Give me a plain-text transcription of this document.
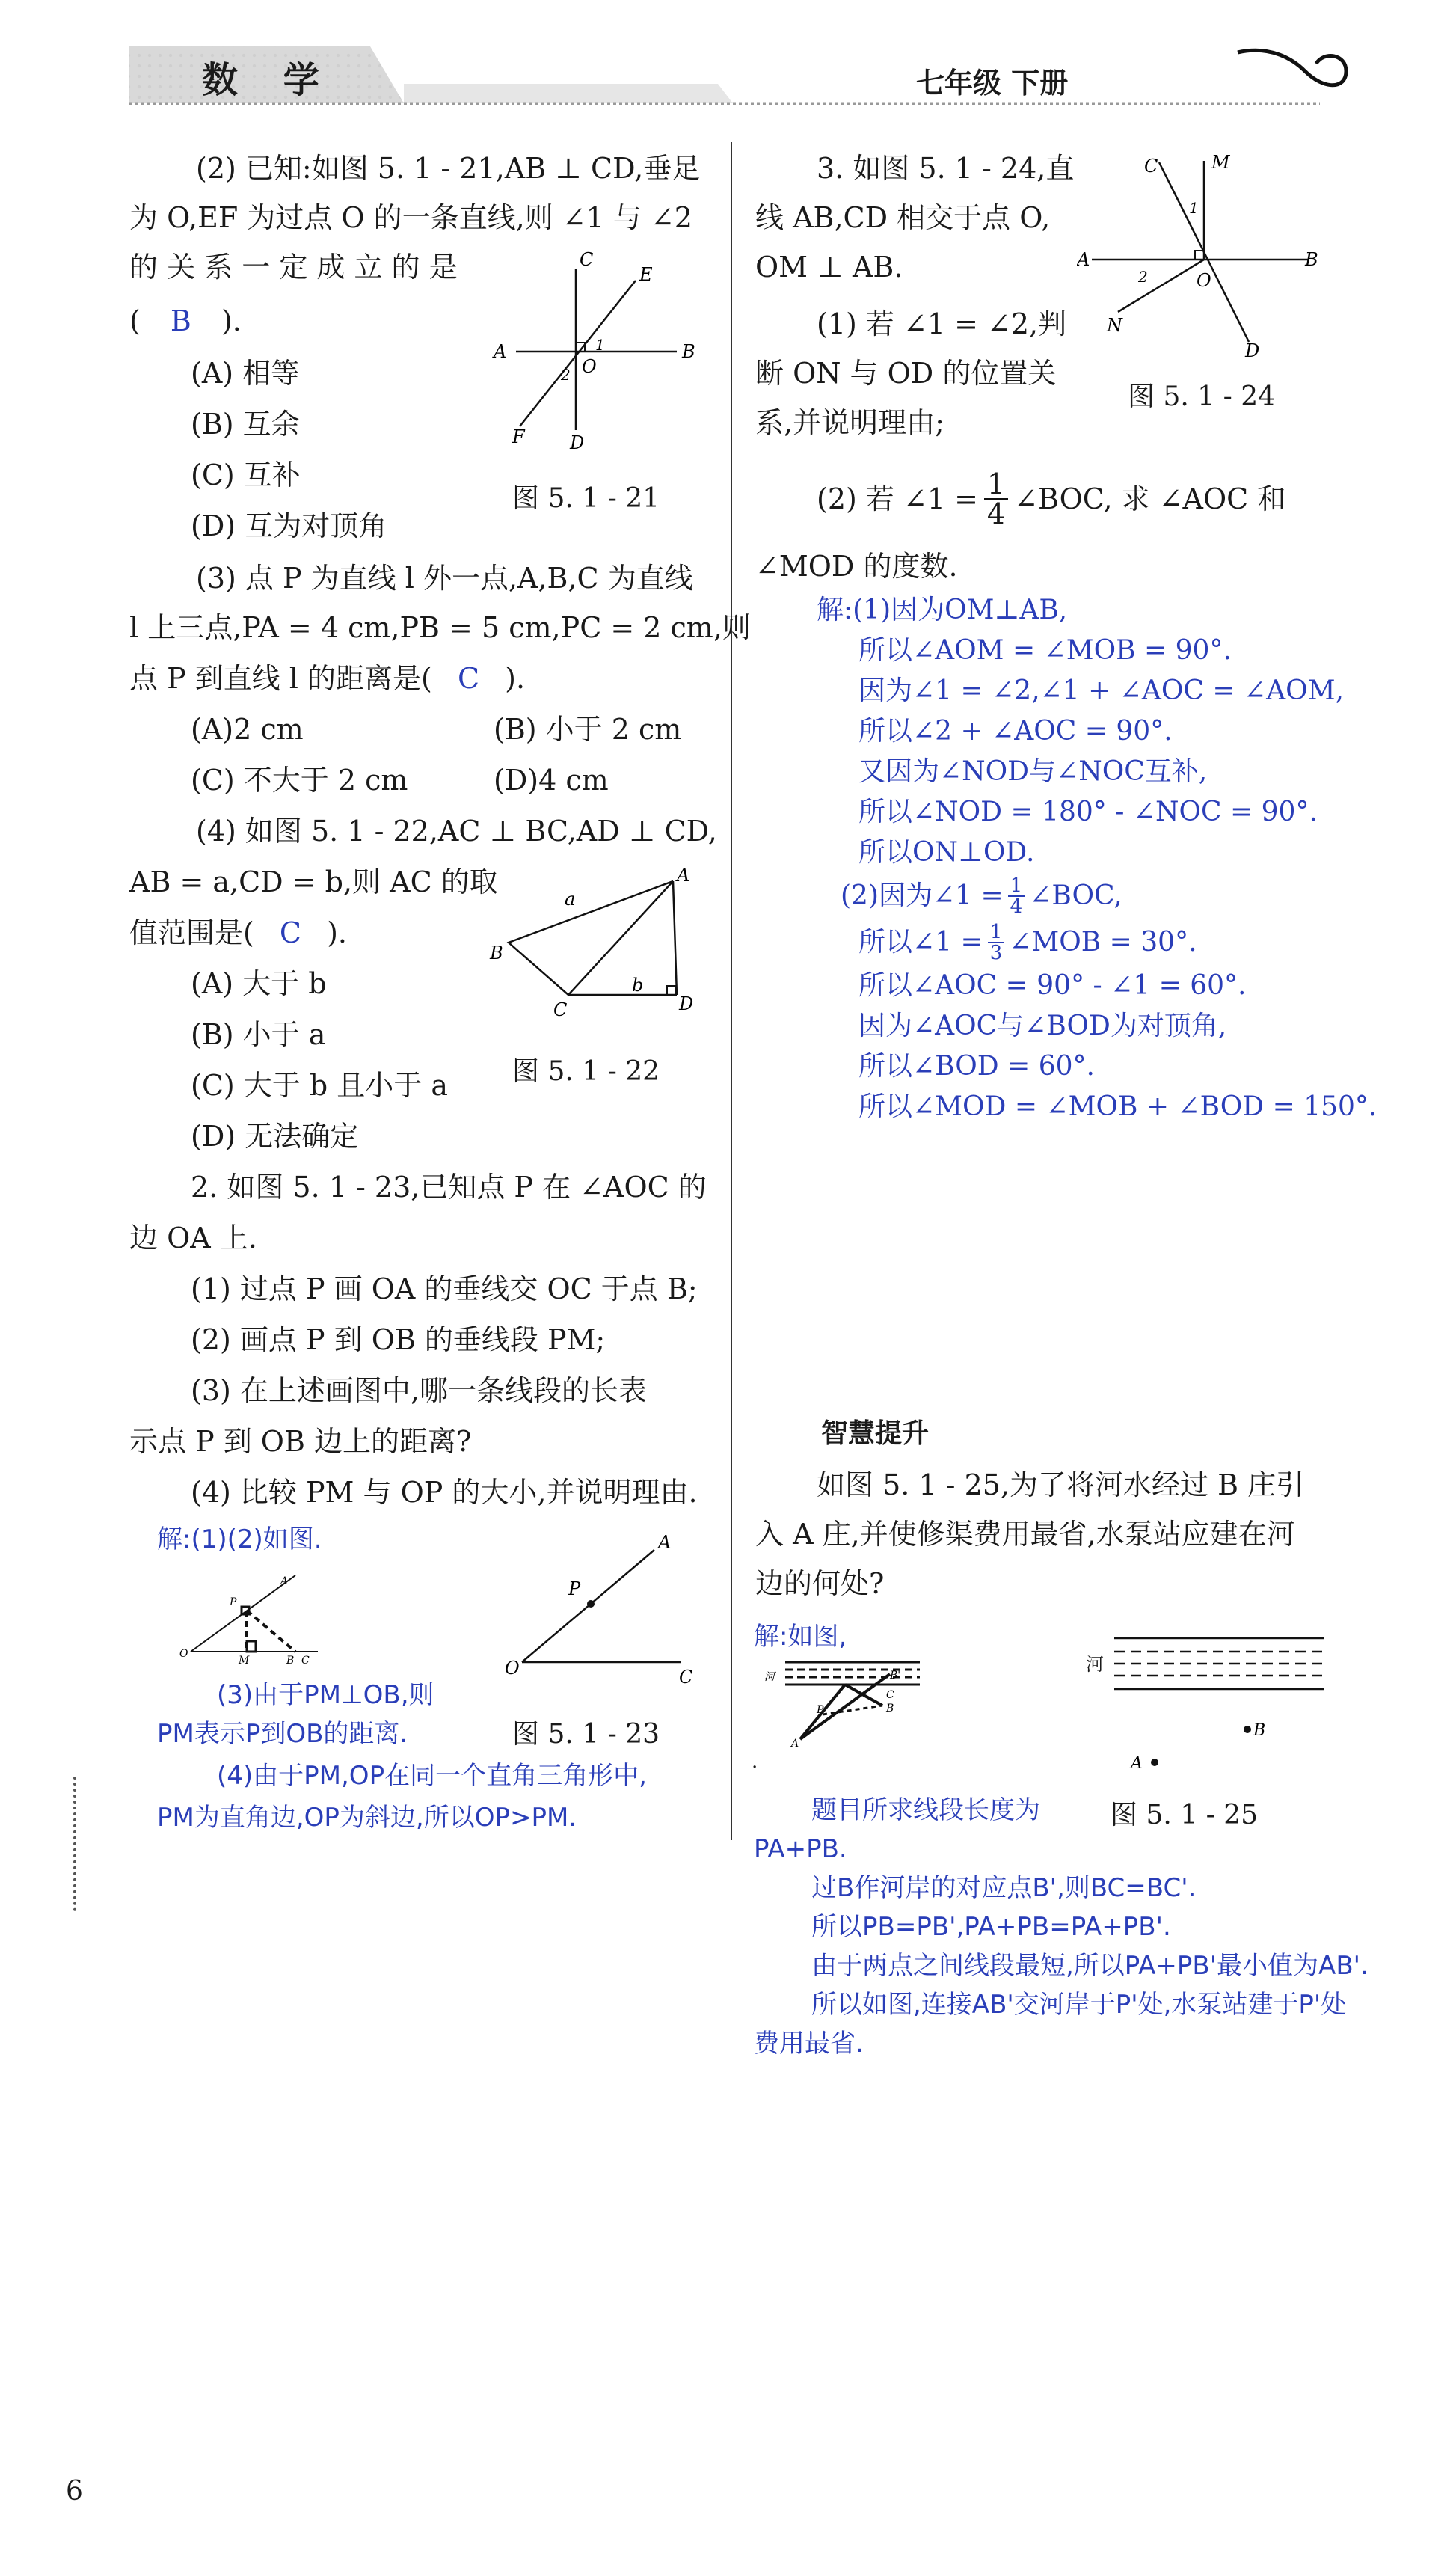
数 学	七年级 下册
(2) 已知:如图 5. 1 - 21,AB ⊥ CD,垂足
为 O,EF 为过点 O 的一条直线,则 ∠1 与 ∠2
的 关 系 一 定 成 立 的 是
( B ).
(A) 相等
(B) 互余
(C) 互补
(D) 互为对顶角
C
E
A	B
O
1
2
F	D
图 5. 1 - 21
(3) 点 P 为直线 l 外一点,A,B,C 为直线
l 上三点,PA = 4 cm,PB = 5 cm,PC = 2 cm,则
点 P 到直线 l 的距离是( C ).
(A)2 cm	(B) 小于 2 cm
(C) 不大于 2 cm	(D)4 cm
(4) 如图 5. 1 - 22,AC ⊥ BC,AD ⊥ CD,
AB = a,CD = b,则 AC 的取
值范围是( C ).
(A) 大于 b
(B) 小于 a
(C) 大于 b 且小于 a
(D) 无法确定
A
B
C	D
a
b
图 5. 1 - 22
2. 如图 5. 1 - 23,已知点 P 在 ∠AOC 的
边 OA 上.
(1) 过点 P 画 OA 的垂线交 OC 于点 B;
(2) 画点 P 到 OB 的垂线段 PM;
(3) 在上述画图中,哪一条线段的长表
示点 P 到 OB 边上的距离?
(4) 比较 PM 与 OP 的大小,并说明理由.
解:(1)(2)如图.
O
M	B C
P
A
A
P
O	C
(3)由于PM⊥OB,则
PM表示P到OB的距离.	图 5. 1 - 23
(4)由于PM,OP在同一个直角三角形中,
PM为直角边,OP为斜边,所以OP>PM.
3. 如图 5. 1 - 24,直
线 AB,CD 相交于点 O,
OM ⊥ AB.
(1) 若 ∠1 = ∠2,判
断 ON 与 OD 的位置关
系,并说明理由;
M
C
A	B
O
1
2
N
D
图 5. 1 - 24
(2) 若 ∠1 = $\frac{1}{4}$ ∠BOC, 求 ∠AOC 和
∠MOD 的度数.
解:(1)因为OM⊥AB,
所以∠AOM = ∠MOB = 90°.
因为∠1 = ∠2,∠1 + ∠AOC = ∠AOM,
所以∠2 + ∠AOC = 90°.
又因为∠NOD与∠NOC互补,
所以∠NOD = 180° - ∠NOC = 90°.
所以ON⊥OD.
(2)因为∠1 = $\frac{1}{4}$ ∠BOC,
所以∠1 = $\frac{1}{3}$ ∠MOB = 30°.
所以∠AOC = 90° - ∠1 = 60°.
因为∠AOC与∠BOD为对顶角,
所以∠BOD = 60°.
所以∠MOD = ∠MOB + ∠BOD = 150°.
智慧提升
如图 5. 1 - 25,为了将河水经过 B 庄引
入 A 庄,并使修渠费用最省,水泵站应建在河
边的何处?
解:如图,
河	B'
C
B
P
A
B
A
河
图 5. 1 - 25
.
题目所求线段长度为
PA+PB.
过B作河岸的对应点B',则BC=BC'.
所以PB=PB',PA+PB=PA+PB'.
由于两点之间线段最短,所以PA+PB'最小值为AB'.
所以如图,连接AB'交河岸于P'处,水泵站建于P'处
费用最省.
6
